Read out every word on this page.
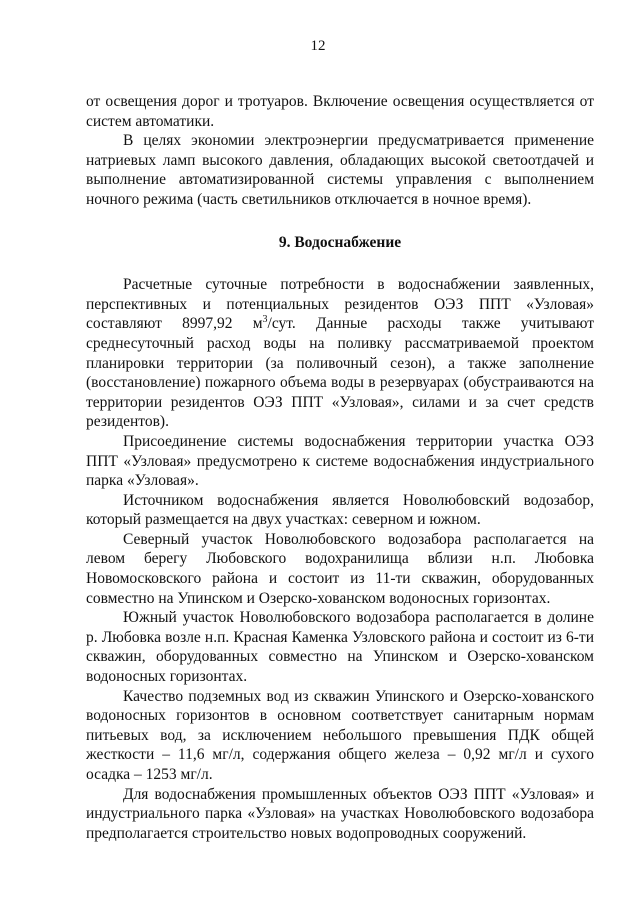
12

от освещения дорог и тротуаров. Включение освещения осуществляется от систем автоматики.

В целях экономии электроэнергии предусматривается применение натриевых ламп высокого давления, обладающих высокой светоотдачей и выполнение автоматизированной системы управления с выполнением ночного режима (часть светильников отключается в ночное время).

9. Водоснабжение

Расчетные суточные потребности в водоснабжении заявленных, перспективных и потенциальных резидентов ОЭЗ ППТ «Узловая» составляют 8997,92 $м^3$/сут. Данные расходы также учитывают среднесуточный расход воды на поливку рассматриваемой проектом планировки территории (за поливочный сезон), а также заполнение (восстановление) пожарного объема воды в резервуарах (обустраиваются на территории резидентов ОЭЗ ППТ «Узловая», силами и за счет средств резидентов).

Присоединение системы водоснабжения территории участка ОЭЗ ППТ «Узловая» предусмотрено к системе водоснабжения индустриального парка «Узловая».

Источником водоснабжения является Новолюбовский водозабор, который размещается на двух участках: северном и южном.

Северный участок Новолюбовского водозабора располагается на левом берегу Любовского водохранилища вблизи н.п. Любовка Новомосковского района и состоит из 11-ти скважин, оборудованных совместно на Упинском и Озерско-хованском водоносных горизонтах.

Южный участок Новолюбовского водозабора располагается в долине р. Любовка возле н.п. Красная Каменка Узловского района и состоит из 6-ти скважин, оборудованных совместно на Упинском и Озерско-хованском водоносных горизонтах.

Качество подземных вод из скважин Упинского и Озерско-хованского водоносных горизонтов в основном соответствует санитарным нормам питьевых вод, за исключением небольшого превышения ПДК общей жесткости – 11,6 мг/л, содержания общего железа – 0,92 мг/л и сухого осадка – 1253 мг/л.

Для водоснабжения промышленных объектов ОЭЗ ППТ «Узловая» и индустриального парка «Узловая» на участках Новолюбовского водозабора предполагается строительство новых водопроводных сооружений.
